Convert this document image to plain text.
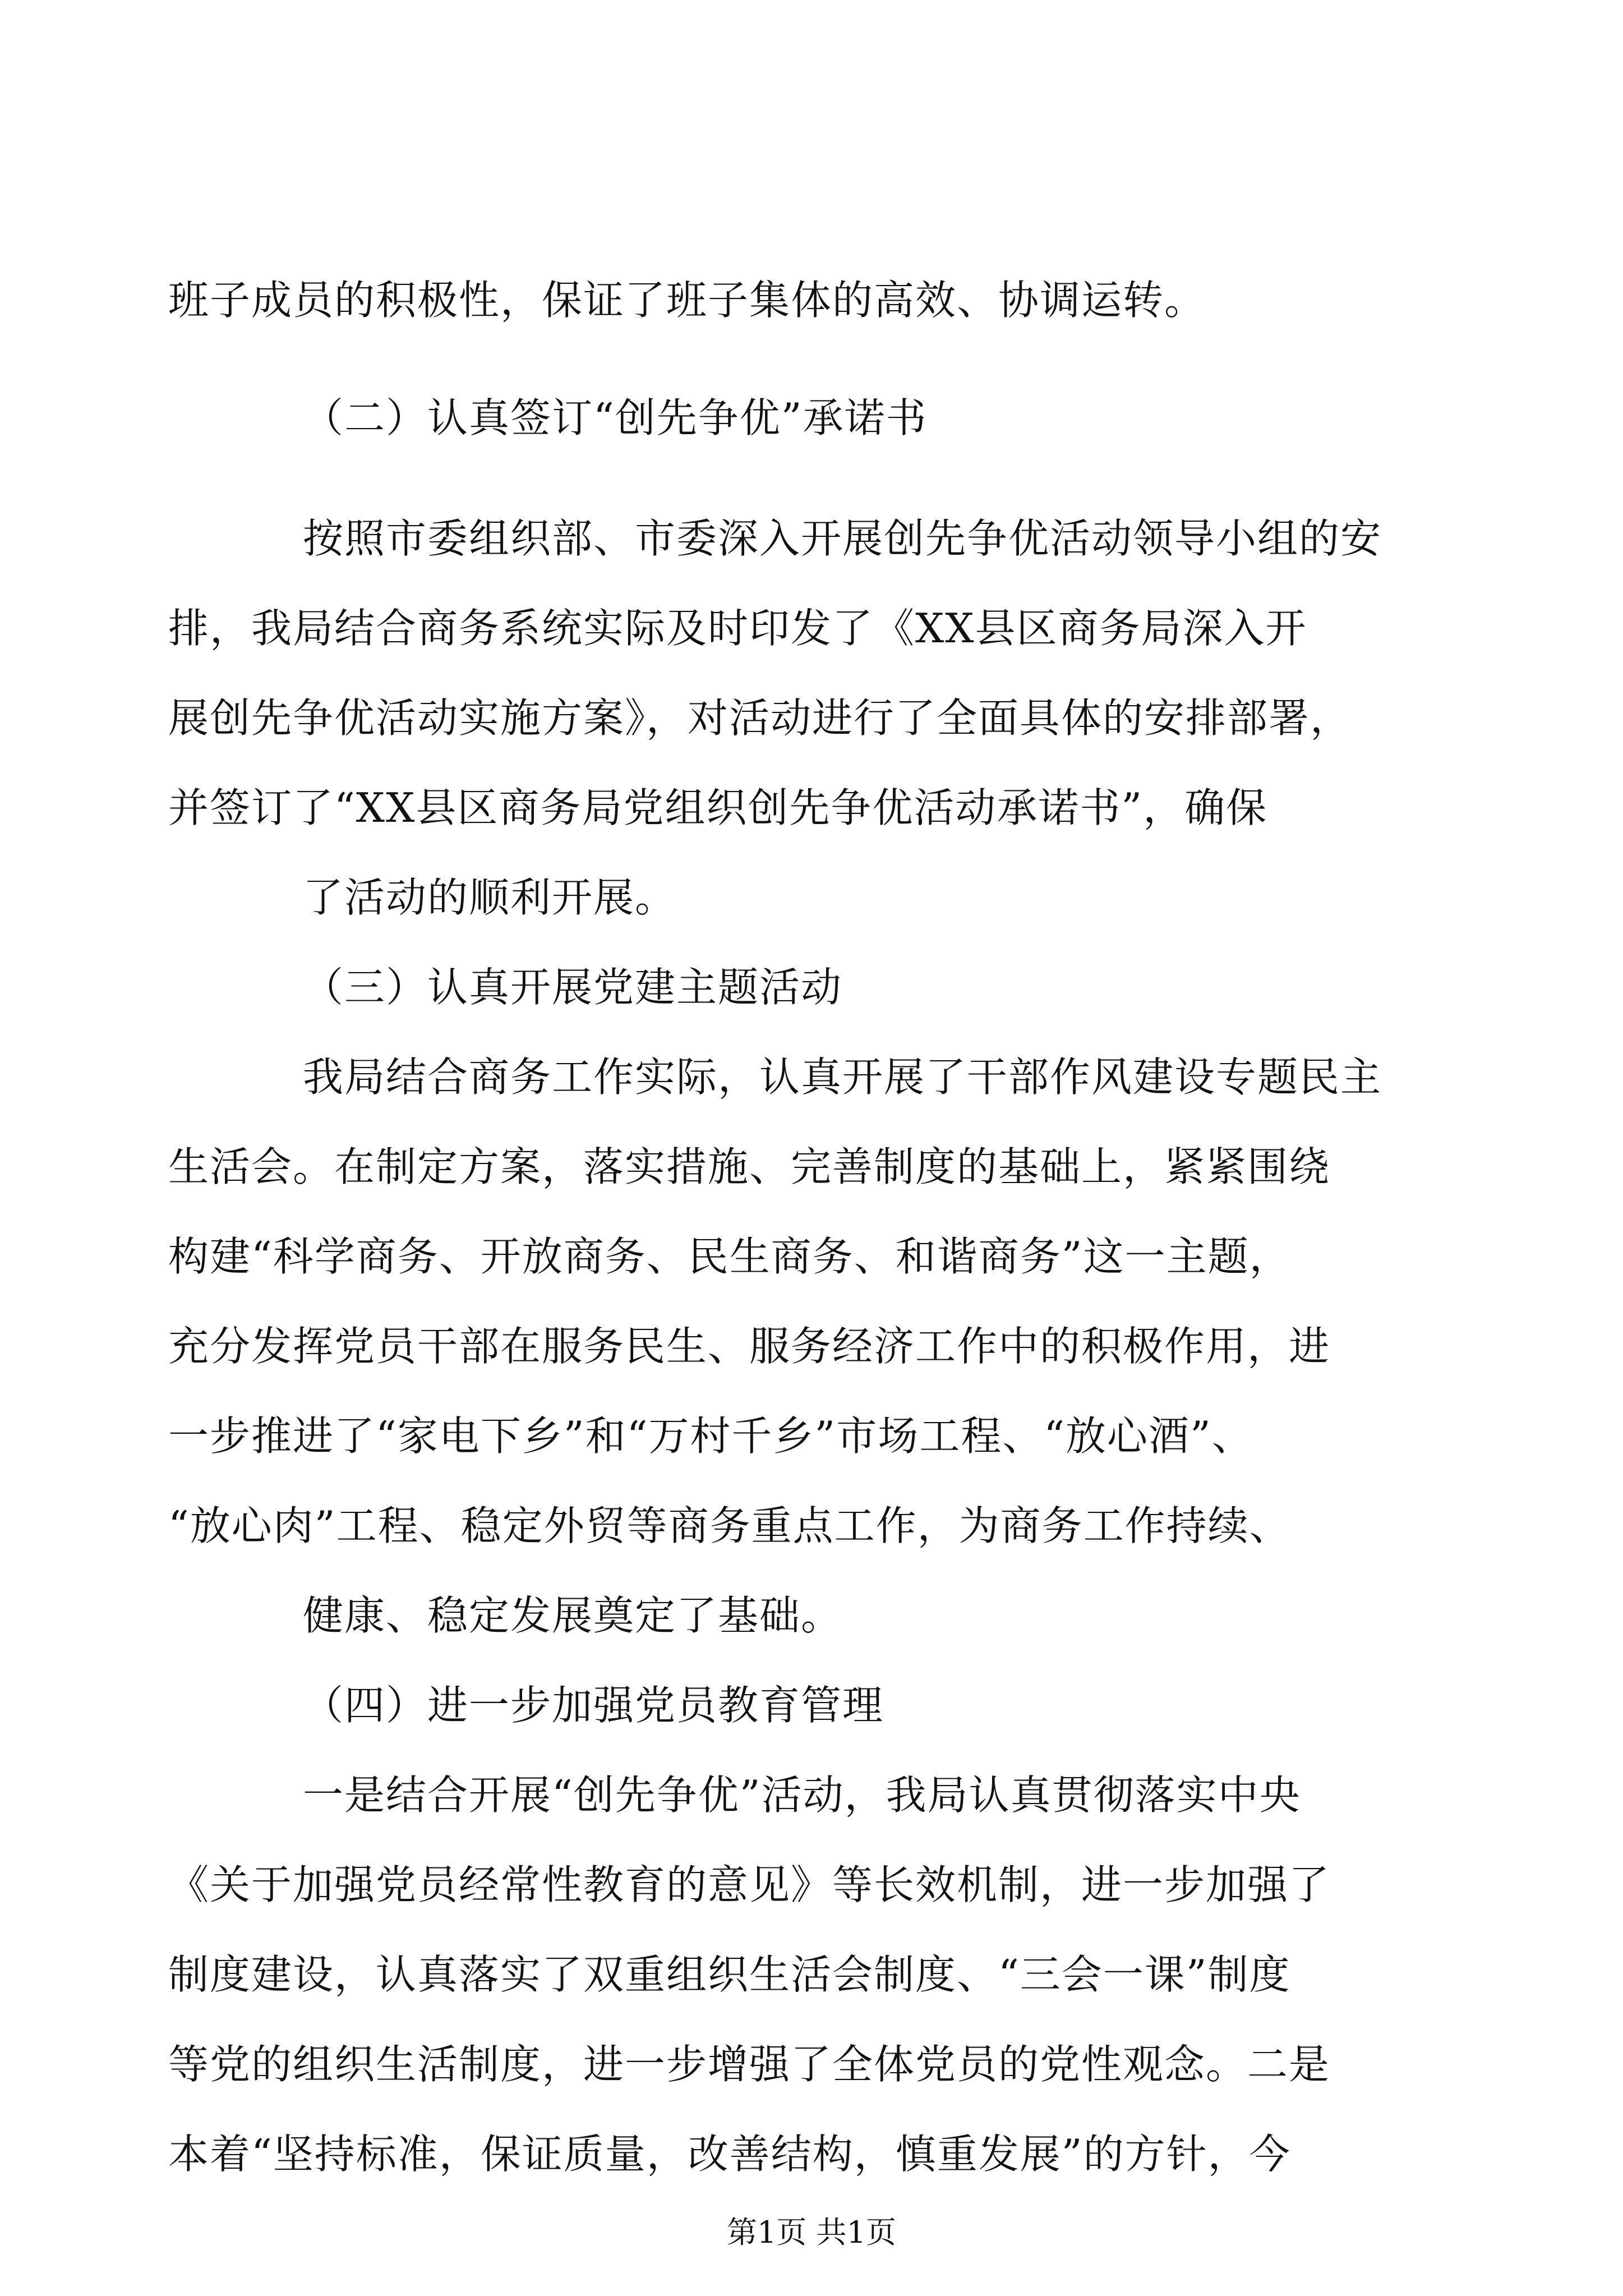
班子成员的积极性，保证了班子集体的高效、协调运转。
（二）认真签订“创先争优”承诺书
按照市委组织部、市委深入开展创先争优活动领导小组的安
排，我局结合商务系统实际及时印发了《XX县区商务局深入开
展创先争优活动实施方案》，对活动进行了全面具体的安排部署，
并签订了“XX县区商务局党组织创先争优活动承诺书”，确保
了活动的顺利开展。
（三）认真开展党建主题活动
我局结合商务工作实际，认真开展了干部作风建设专题民主
生活会。在制定方案，落实措施、完善制度的基础上，紧紧围绕
构建“科学商务、开放商务、民生商务、和谐商务”这一主题，
充分发挥党员干部在服务民生、服务经济工作中的积极作用，进
一步推进了“家电下乡”和“万村千乡”市场工程、“放心酒”、
“放心肉”工程、稳定外贸等商务重点工作，为商务工作持续、
健康、稳定发展奠定了基础。
（四）进一步加强党员教育管理
一是结合开展“创先争优”活动，我局认真贯彻落实中央
《关于加强党员经常性教育的意见》等长效机制，进一步加强了
制度建设，认真落实了双重组织生活会制度、“三会一课”制度
等党的组织生活制度，进一步增强了全体党员的党性观念。二是
本着“坚持标准，保证质量，改善结构，慎重发展”的方针，今
第1页 共1页
